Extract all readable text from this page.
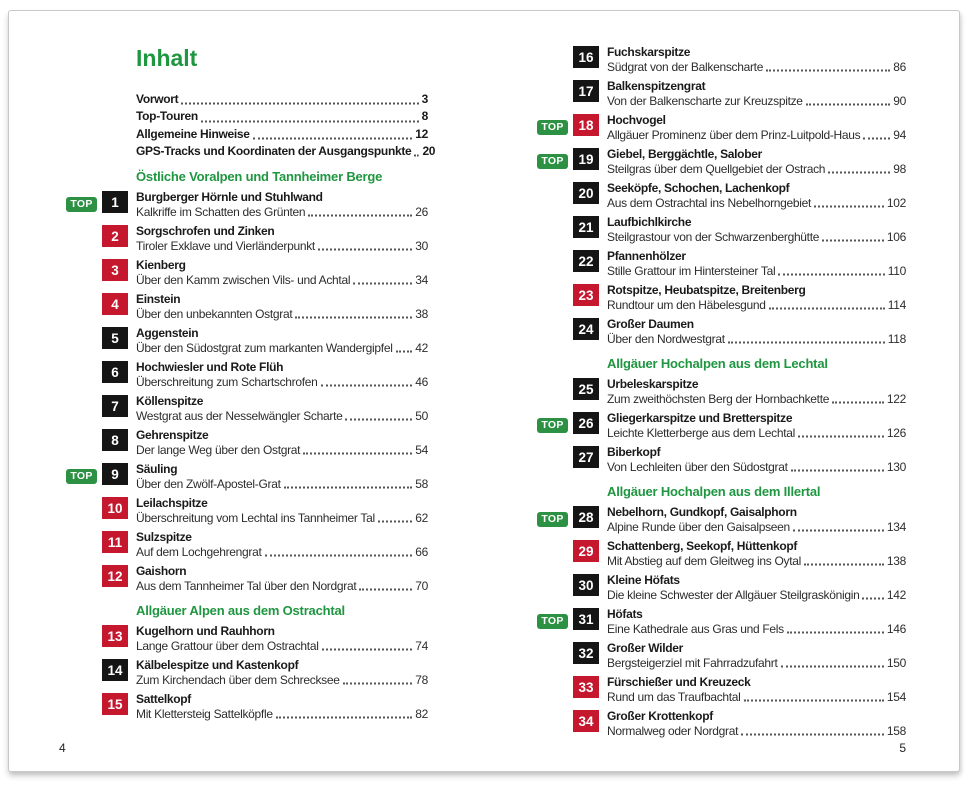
Inhalt
Vorwort	3
Top-Touren	8
Allgemeine Hinweise	12
GPS-Tracks und Koordinaten der Ausgangspunkte 20
Östliche Voralpen und Tannheimer Berge
TOP	1	Burgberger Hörnle und Stuhlwand
Kalkriffe im Schatten des Grünten	26
2	Sorgschrofen und Zinken
Tiroler Exklave und Vierländerpunkt	30
3	Kienberg
Über den Kamm zwischen Vils- und Achtal	34
4	Einstein
Über den unbekannten Ostgrat	38
5	Aggenstein
Über den Südostgrat zum markanten Wandergipfel 42
6	Hochwiesler und Rote Flüh
Überschreitung zum Schartschrofen	46
7	Köllenspitze
Westgrat aus der Nesselwängler Scharte	50
8	Gehrenspitze
Der lange Weg über den Ostgrat	54
TOP	9	Säuling
Über den Zwölf-Apostel-Grat	58
10	Leilachspitze
Überschreitung vom Lechtal ins Tannheimer Tal	62
11	Sulzspitze
Auf dem Lochgehrengrat	66
12	Gaishorn
Aus dem Tannheimer Tal über den Nordgrat	70
Allgäuer Alpen aus dem Ostrachtal
13	Kugelhorn und Rauhhorn
Lange Grattour über dem Ostrachtal	74
14	Kälbelespitze und Kastenkopf
Zum Kirchendach über dem Schrecksee	78
15	Sattelkopf
Mit Klettersteig Sattelköpfle	82
16	Fuchskarspitze
Südgrat von der Balkenscharte	86
17	Balkenspitzengrat
Von der Balkenscharte zur Kreuzspitze	90
TOP	18	Hochvogel
Allgäuer Prominenz über dem Prinz-Luitpold-Haus	94
TOP	19	Giebel, Berggächtle, Salober
Steilgras über dem Quellgebiet der Ostrach	98
20	Seeköpfe, Schochen, Lachenkopf
Aus dem Ostrachtal ins Nebelhorngebiet	102
21	Laufbichlkirche
Steilgrastour von der Schwarzenberghütte	106
22	Pfannenhölzer
Stille Grattour im Hintersteiner Tal	110
23	Rotspitze, Heubatspitze, Breitenberg
Rundtour um den Häbelesgund	114
24	Großer Daumen
Über den Nordwestgrat	118
Allgäuer Hochalpen aus dem Lechtal
25	Urbeleskarspitze
Zum zweithöchsten Berg der Hornbachkette	122
TOP	26	Gliegerkarspitze und Bretterspitze
Leichte Kletterberge aus dem Lechtal	126
27	Biberkopf
Von Lechleiten über den Südostgrat	130
Allgäuer Hochalpen aus dem Illertal
TOP	28	Nebelhorn, Gundkopf, Gaisalphorn
Alpine Runde über den Gaisalpseen	134
29	Schattenberg, Seekopf, Hüttenkopf
Mit Abstieg auf dem Gleitweg ins Oytal	138
30	Kleine Höfats
Die kleine Schwester der Allgäuer Steilgraskönigin 142
TOP	31	Höfats
Eine Kathedrale aus Gras und Fels	146
32	Großer Wilder
Bergsteigerziel mit Fahrradzufahrt	150
33	Fürschießer und Kreuzeck
Rund um das Traufbachtal	154
34	Großer Krottenkopf
Normalweg oder Nordgrat	158
4	5
